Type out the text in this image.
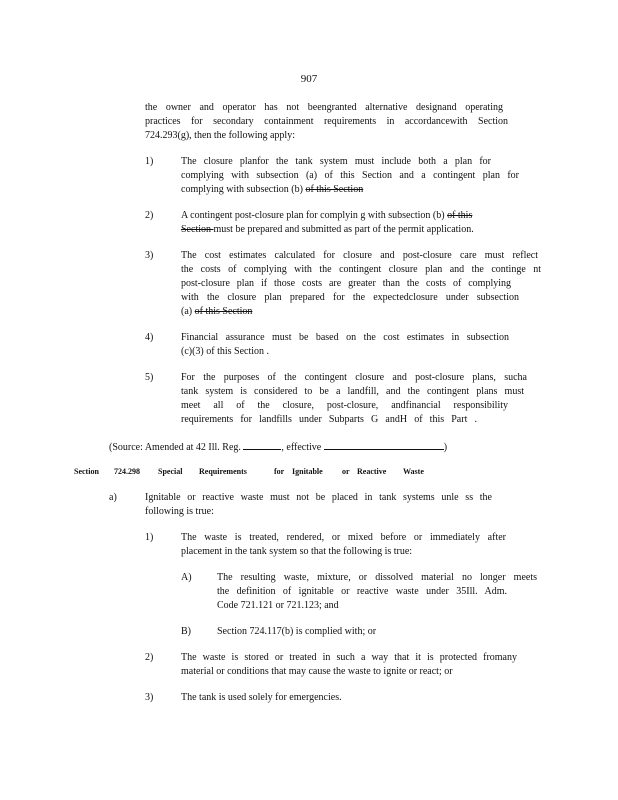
907
the owner and operator has not beengranted alternative designand operating
practices for secondary containment requirements in accordancewith Section
724.293(g), then the following apply:
1)	The closure planfor the tank system must include both a plan for
complying with subsection (a) of this Section and a contingent plan for
complying with subsection (b) of this Section
2)	A contingent post-closure plan for complyin g with subsection (b) of this
Section must be prepared and submitted as part of the permit application.
3)	The cost estimates calculated for closure and post-closure care must reflect
the costs of complying with the contingent closure plan and the continge nt
post-closure plan if those costs are greater than the costs of complying
with the closure plan prepared for the expectedclosure under subsection
(a) of this Section
4)	Financial assurance must be based on the cost estimates in subsection
(c)(3) of this Section .
5)	For the purposes of the contingent closure and post-closure plans, sucha
tank system is considered to be a landfill, and the contingent plans must
meet all of the closure, post-closure, andfinancial responsibility
requirements for landfills under Subparts G andH of this Part .
(Source: Amended at 42 Ill. Reg.	, effective	)
Section 724.298 Special Requirements	for Ignitable or Reactive Waste
a)	Ignitable or reactive waste must not be placed in tank systems unle ss the
following is true:
1)	The waste is treated, rendered, or mixed before or immediately after
placement in the tank system so that the following is true:
A)	The resulting waste, mixture, or dissolved material no longer meets
the definition of ignitable or reactive waste under 35Ill. Adm.
Code 721.121 or 721.123; and
B)	Section 724.117(b) is complied with; or
2)	The waste is stored or treated in such a way that it is protected fromany
material or conditions that may cause the waste to ignite or react; or
3)	The tank is used solely for emergencies.
